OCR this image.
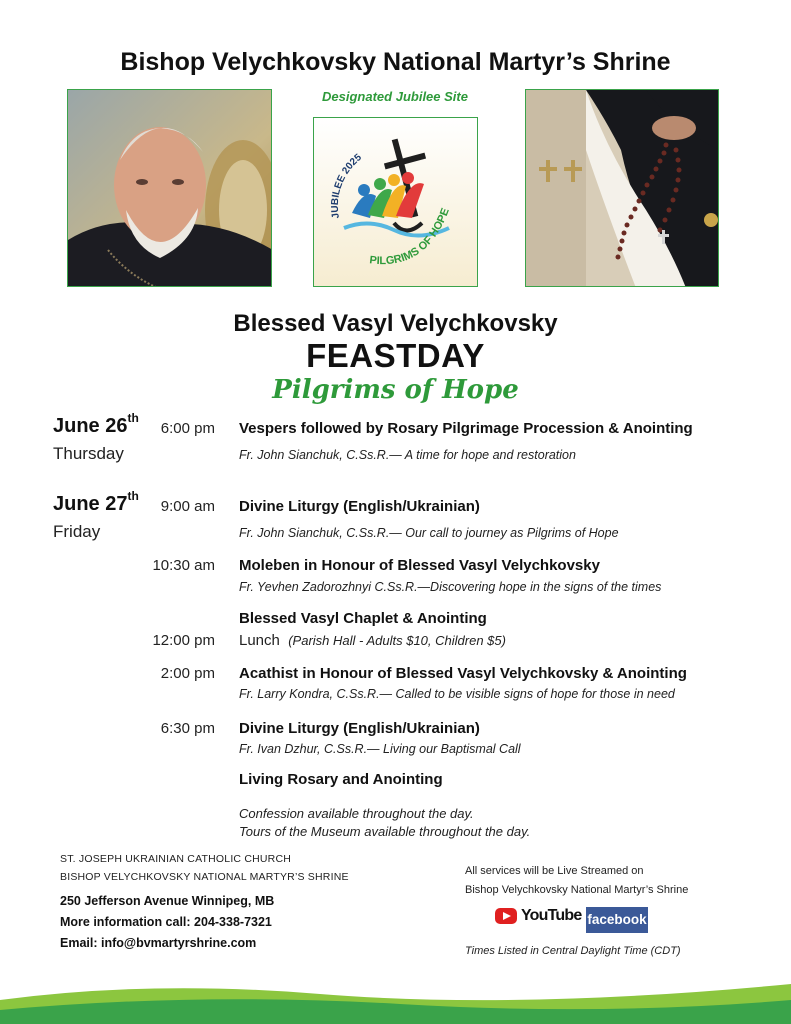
Bishop Velychkovsky National Martyr’s Shrine
Designated Jubilee Site
JUBILEE 2025
PILGRIMS OF HOPE
Blessed Vasyl Velychkovsky
FEASTDAY
Pilgrims of Hope
June 26th
Thursday
6:00 pm Vespers followed by Rosary Pilgrimage Procession & Anointing
Fr. John Sianchuk, C.Ss.R.— A time for hope and restoration
June 27th
Friday
9:00 am Divine Liturgy (English/Ukrainian)
Fr. John Sianchuk, C.Ss.R.— Our call to journey as Pilgrims of Hope
10:30 am Moleben in Honour of Blessed Vasyl Velychkovsky
Fr. Yevhen Zadorozhnyi C.Ss.R.—Discovering hope in the signs of the times
Blessed Vasyl Chaplet & Anointing
12:00 pm Lunch (Parish Hall - Adults $10, Children $5)
2:00 pm Acathist in Honour of Blessed Vasyl Velychkovsky & Anointing
Fr. Larry Kondra, C.Ss.R.— Called to be visible signs of hope for those in need
6:30 pm Divine Liturgy (English/Ukrainian)
Fr. Ivan Dzhur, C.Ss.R.— Living our Baptismal Call
Living Rosary and Anointing
Confession available throughout the day.
Tours of the Museum available throughout the day.
ST. JOSEPH UKRAINIAN CATHOLIC CHURCH
BISHOP VELYCHKOVSKY NATIONAL MARTYR’S SHRINE
250 Jefferson Avenue Winnipeg, MB
More information call: 204-338-7321
Email: info@bvmartyrshrine.com
All services will be Live Streamed on
Bishop Velychkovsky National Martyr’s Shrine
YouTube facebook
Times Listed in Central Daylight Time (CDT)
